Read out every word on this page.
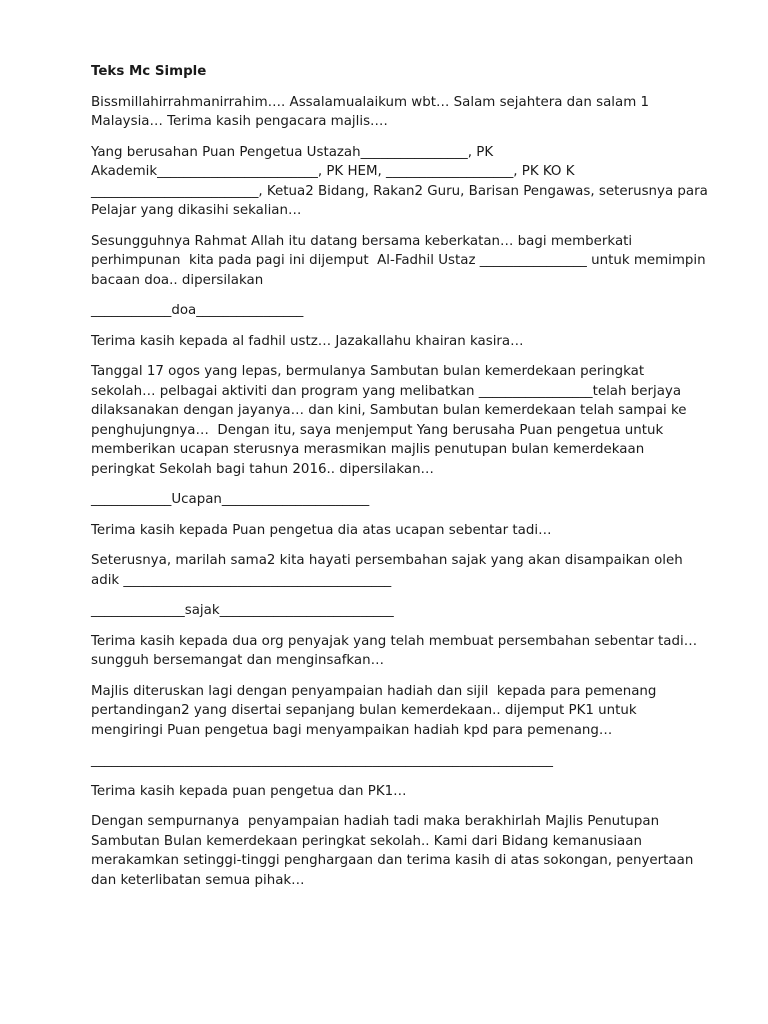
Teks Mc Simple

Bissmillahirrahmanirrahim…. Assalamualaikum wbt… Salam sejahtera dan salam 1 Malaysia… Terima kasih pengacara majlis….

Yang berusahan Puan Pengetua Ustazah________________, PK Akademik________________________, PK HEM, ___________________, PK KO K _________________________, Ketua2 Bidang, Rakan2 Guru, Barisan Pengawas, seterusnya para Pelajar yang dikasihi sekalian…

Sesungguhnya Rahmat Allah itu datang bersama keberkatan… bagi memberkati perhimpunan  kita pada pagi ini dijemput  Al-Fadhil Ustaz ________________ untuk memimpin bacaan doa.. dipersilakan

____________doa________________

Terima kasih kepada al fadhil ustz… Jazakallahu khairan kasira…

Tanggal 17 ogos yang lepas, bermulanya Sambutan bulan kemerdekaan peringkat sekolah… pelbagai aktiviti dan program yang melibatkan _________________telah berjaya dilaksanakan dengan jayanya… dan kini, Sambutan bulan kemerdekaan telah sampai ke penghujungnya…  Dengan itu, saya menjemput Yang berusaha Puan pengetua untuk memberikan ucapan sterusnya merasmikan majlis penutupan bulan kemerdekaan peringkat Sekolah bagi tahun 2016.. dipersilakan…

____________Ucapan______________________

Terima kasih kepada Puan pengetua dia atas ucapan sebentar tadi…

Seterusnya, marilah sama2 kita hayati persembahan sajak yang akan disampaikan oleh adik ________________________________________

______________sajak__________________________

Terima kasih kepada dua org penyajak yang telah membuat persembahan sebentar tadi… sungguh bersemangat dan menginsafkan…

Majlis diteruskan lagi dengan penyampaian hadiah dan sijil  kepada para pemenang pertandingan2 yang disertai sepanjang bulan kemerdekaan.. dijemput PK1 untuk mengiringi Puan pengetua bagi menyampaikan hadiah kpd para pemenang…

_____________________________________________________________________

Terima kasih kepada puan pengetua dan PK1…

Dengan sempurnanya  penyampaian hadiah tadi maka berakhirlah Majlis Penutupan Sambutan Bulan kemerdekaan peringkat sekolah.. Kami dari Bidang kemanusiaan merakamkan setinggi-tinggi penghargaan dan terima kasih di atas sokongan, penyertaan dan keterlibatan semua pihak…
